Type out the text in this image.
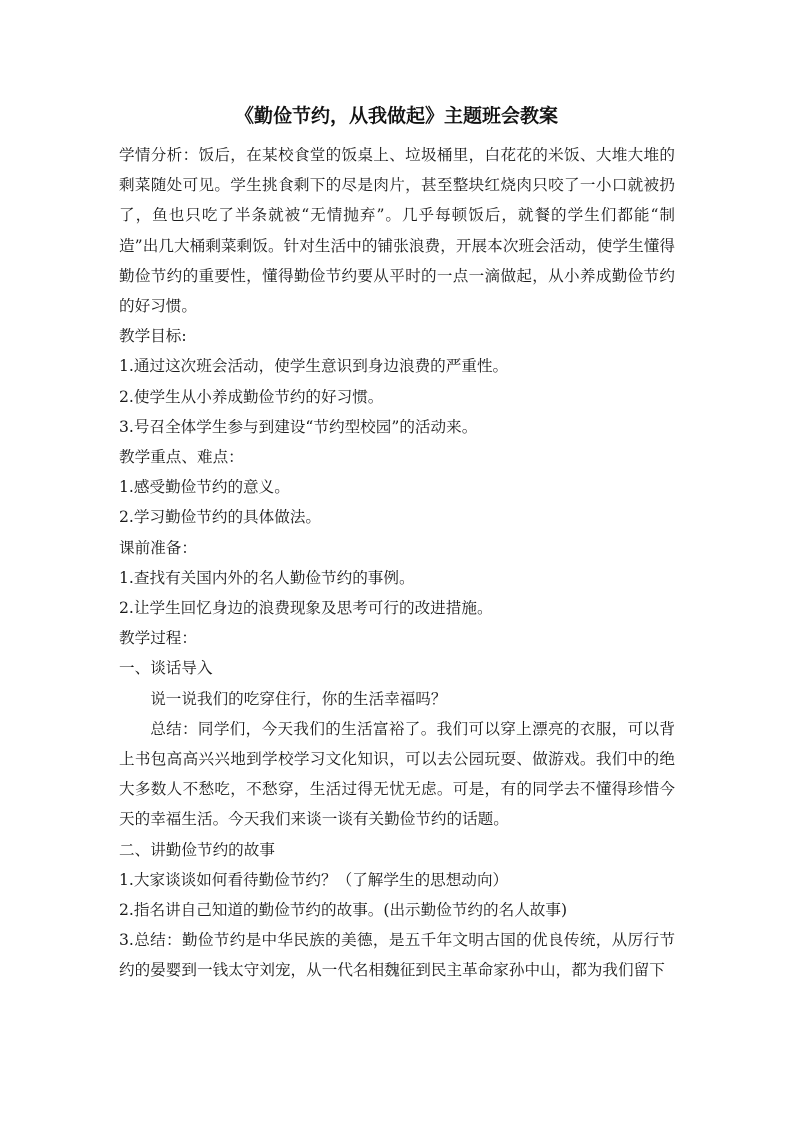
《勤俭节约，从我做起》主题班会教案

学情分析：饭后，在某校食堂的饭桌上、垃圾桶里，白花花的米饭、大堆大堆的剩菜随处可见。学生挑食剩下的尽是肉片，甚至整块红烧肉只咬了一小口就被扔了，鱼也只吃了半条就被“无情抛弃”。几乎每顿饭后，就餐的学生们都能“制造”出几大桶剩菜剩饭。针对生活中的铺张浪费，开展本次班会活动，使学生懂得勤俭节约的重要性，懂得勤俭节约要从平时的一点一滴做起，从小养成勤俭节约的好习惯。

教学目标:

1.通过这次班会活动，使学生意识到身边浪费的严重性。

2.使学生从小养成勤俭节约的好习惯。

3.号召全体学生参与到建设“节约型校园”的活动来。

教学重点、难点：

1.感受勤俭节约的意义。

2.学习勤俭节约的具体做法。

课前准备：

1.查找有关国内外的名人勤俭节约的事例。

2.让学生回忆身边的浪费现象及思考可行的改进措施。

教学过程：

一、谈话导入

说一说我们的吃穿住行，你的生活幸福吗？

总结：同学们，今天我们的生活富裕了。我们可以穿上漂亮的衣服，可以背上书包高高兴兴地到学校学习文化知识，可以去公园玩耍、做游戏。我们中的绝大多数人不愁吃，不愁穿，生活过得无忧无虑。可是，有的同学去不懂得珍惜今天的幸福生活。今天我们来谈一谈有关勤俭节约的话题。

二、讲勤俭节约的故事

1.大家谈谈如何看待勤俭节约？（了解学生的思想动向）

2.指名讲自己知道的勤俭节约的故事。(出示勤俭节约的名人故事)

3.总结：勤俭节约是中华民族的美德，是五千年文明古国的优良传统，从厉行节约的晏婴到一钱太守刘宠，从一代名相魏征到民主革命家孙中山，都为我们留下
